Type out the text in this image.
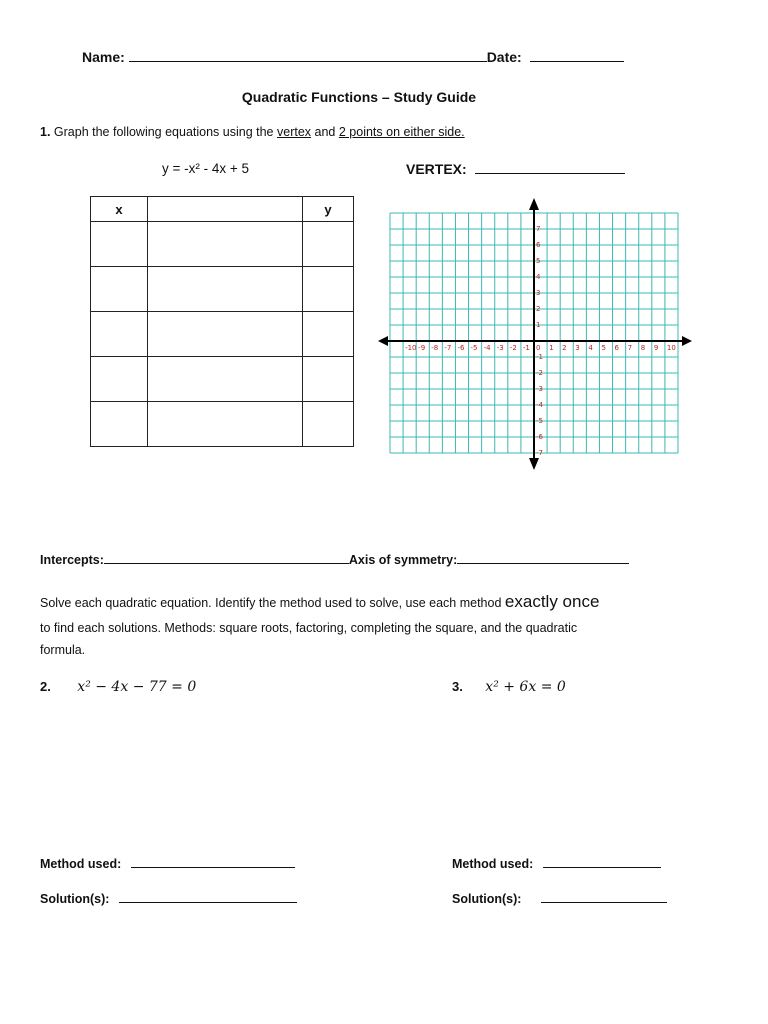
Name:	Date:
Quadratic Functions – Study Guide
1. Graph the following equations using the vertex and 2 points on either side.
y = -x² - 4x + 5	VERTEX:
x		y

-10 -9 -8 -7 -6 -5 -4 -3 -2 -1 0 1 2 3 4 5 6 7 8 9 10
7
6
5
4
3
2
1
-1
-2
-3
-4
-5
-6
-7
Intercepts:	Axis of symmetry:
Solve each quadratic equation. Identify the method used to solve, use each method exactly once
to find each solutions. Methods: square roots, factoring, completing the square, and the quadratic
formula.
2. x² − 4x − 77 = 0	3. x² + 6x = 0
Method used:	Method used:
Solution(s):	Solution(s):
